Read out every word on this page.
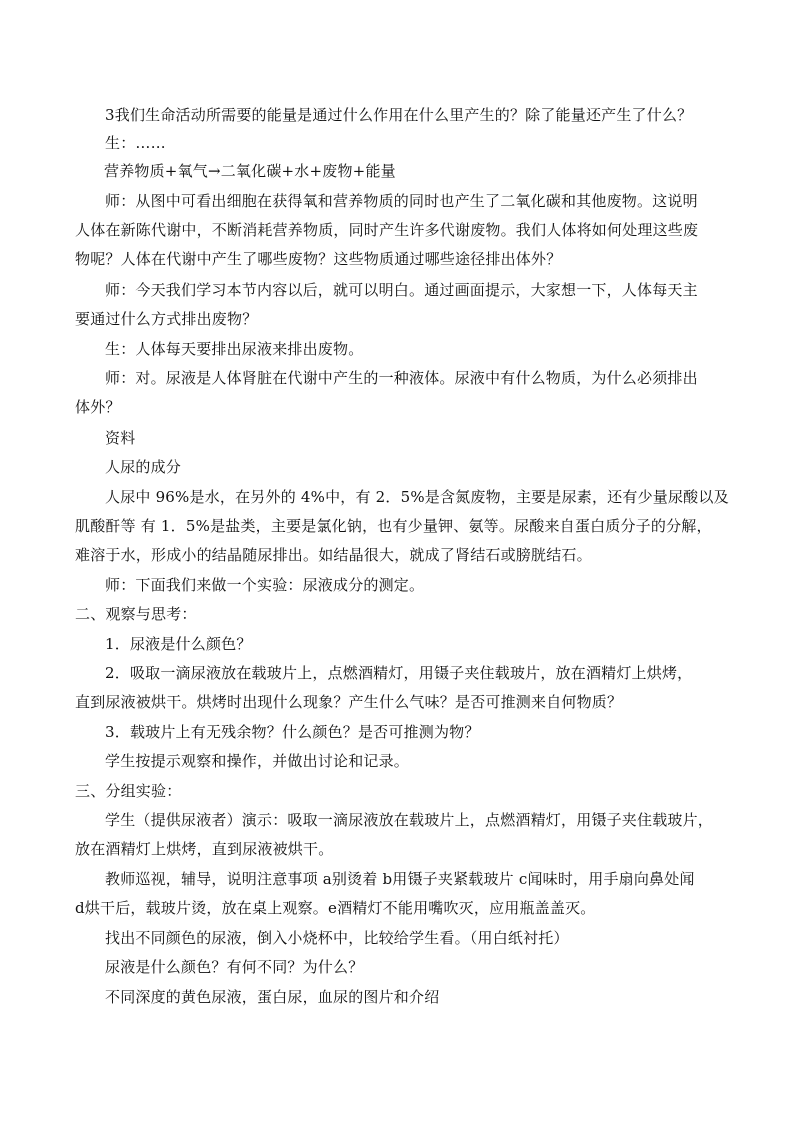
3我们生命活动所需要的能量是通过什么作用在什么里产生的？除了能量还产生了什么？
生：……
营养物质+氧气→二氧化碳+水+废物+能量
师：从图中可看出细胞在获得氧和营养物质的同时也产生了二氧化碳和其他废物。这说明
人体在新陈代谢中，不断消耗营养物质，同时产生许多代谢废物。我们人体将如何处理这些废
物呢？人体在代谢中产生了哪些废物？这些物质通过哪些途径排出体外？
师：今天我们学习本节内容以后，就可以明白。通过画面提示，大家想一下，人体每天主
要通过什么方式排出废物？
生：人体每天要排出尿液来排出废物。
师：对。尿液是人体肾脏在代谢中产生的一种液体。尿液中有什么物质，为什么必须排出
体外？
资料
人尿的成分
人尿中 96%是水，在另外的 4%中，有 2．5%是含氮废物，主要是尿素，还有少量尿酸以及
肌酸酐等 有 1．5%是盐类，主要是氯化钠，也有少量钾、氨等。尿酸来自蛋白质分子的分解，
难溶于水，形成小的结晶随尿排出。如结晶很大，就成了肾结石或膀胱结石。
师：下面我们来做一个实验：尿液成分的测定。
二、观察与思考：
1．尿液是什么颜色？
2．吸取一滴尿液放在载玻片上，点燃酒精灯，用镊子夹住载玻片，放在酒精灯上烘烤，
直到尿液被烘干。烘烤时出现什么现象？产生什么气味？是否可推测来自何物质？
3．载玻片上有无残余物？什么颜色？是否可推测为物？
学生按提示观察和操作，并做出讨论和记录。
三、分组实验：
学生（提供尿液者）演示：吸取一滴尿液放在载玻片上，点燃酒精灯，用镊子夹住载玻片，
放在酒精灯上烘烤，直到尿液被烘干。
教师巡视，辅导，说明注意事项 a别烫着 b用镊子夹紧载玻片 c闻味时，用手扇向鼻处闻
d烘干后，载玻片烫，放在桌上观察。e酒精灯不能用嘴吹灭，应用瓶盖盖灭。
找出不同颜色的尿液，倒入小烧杯中，比较给学生看。（用白纸衬托）
尿液是什么颜色？有何不同？为什么？
不同深度的黄色尿液，蛋白尿，血尿的图片和介绍
